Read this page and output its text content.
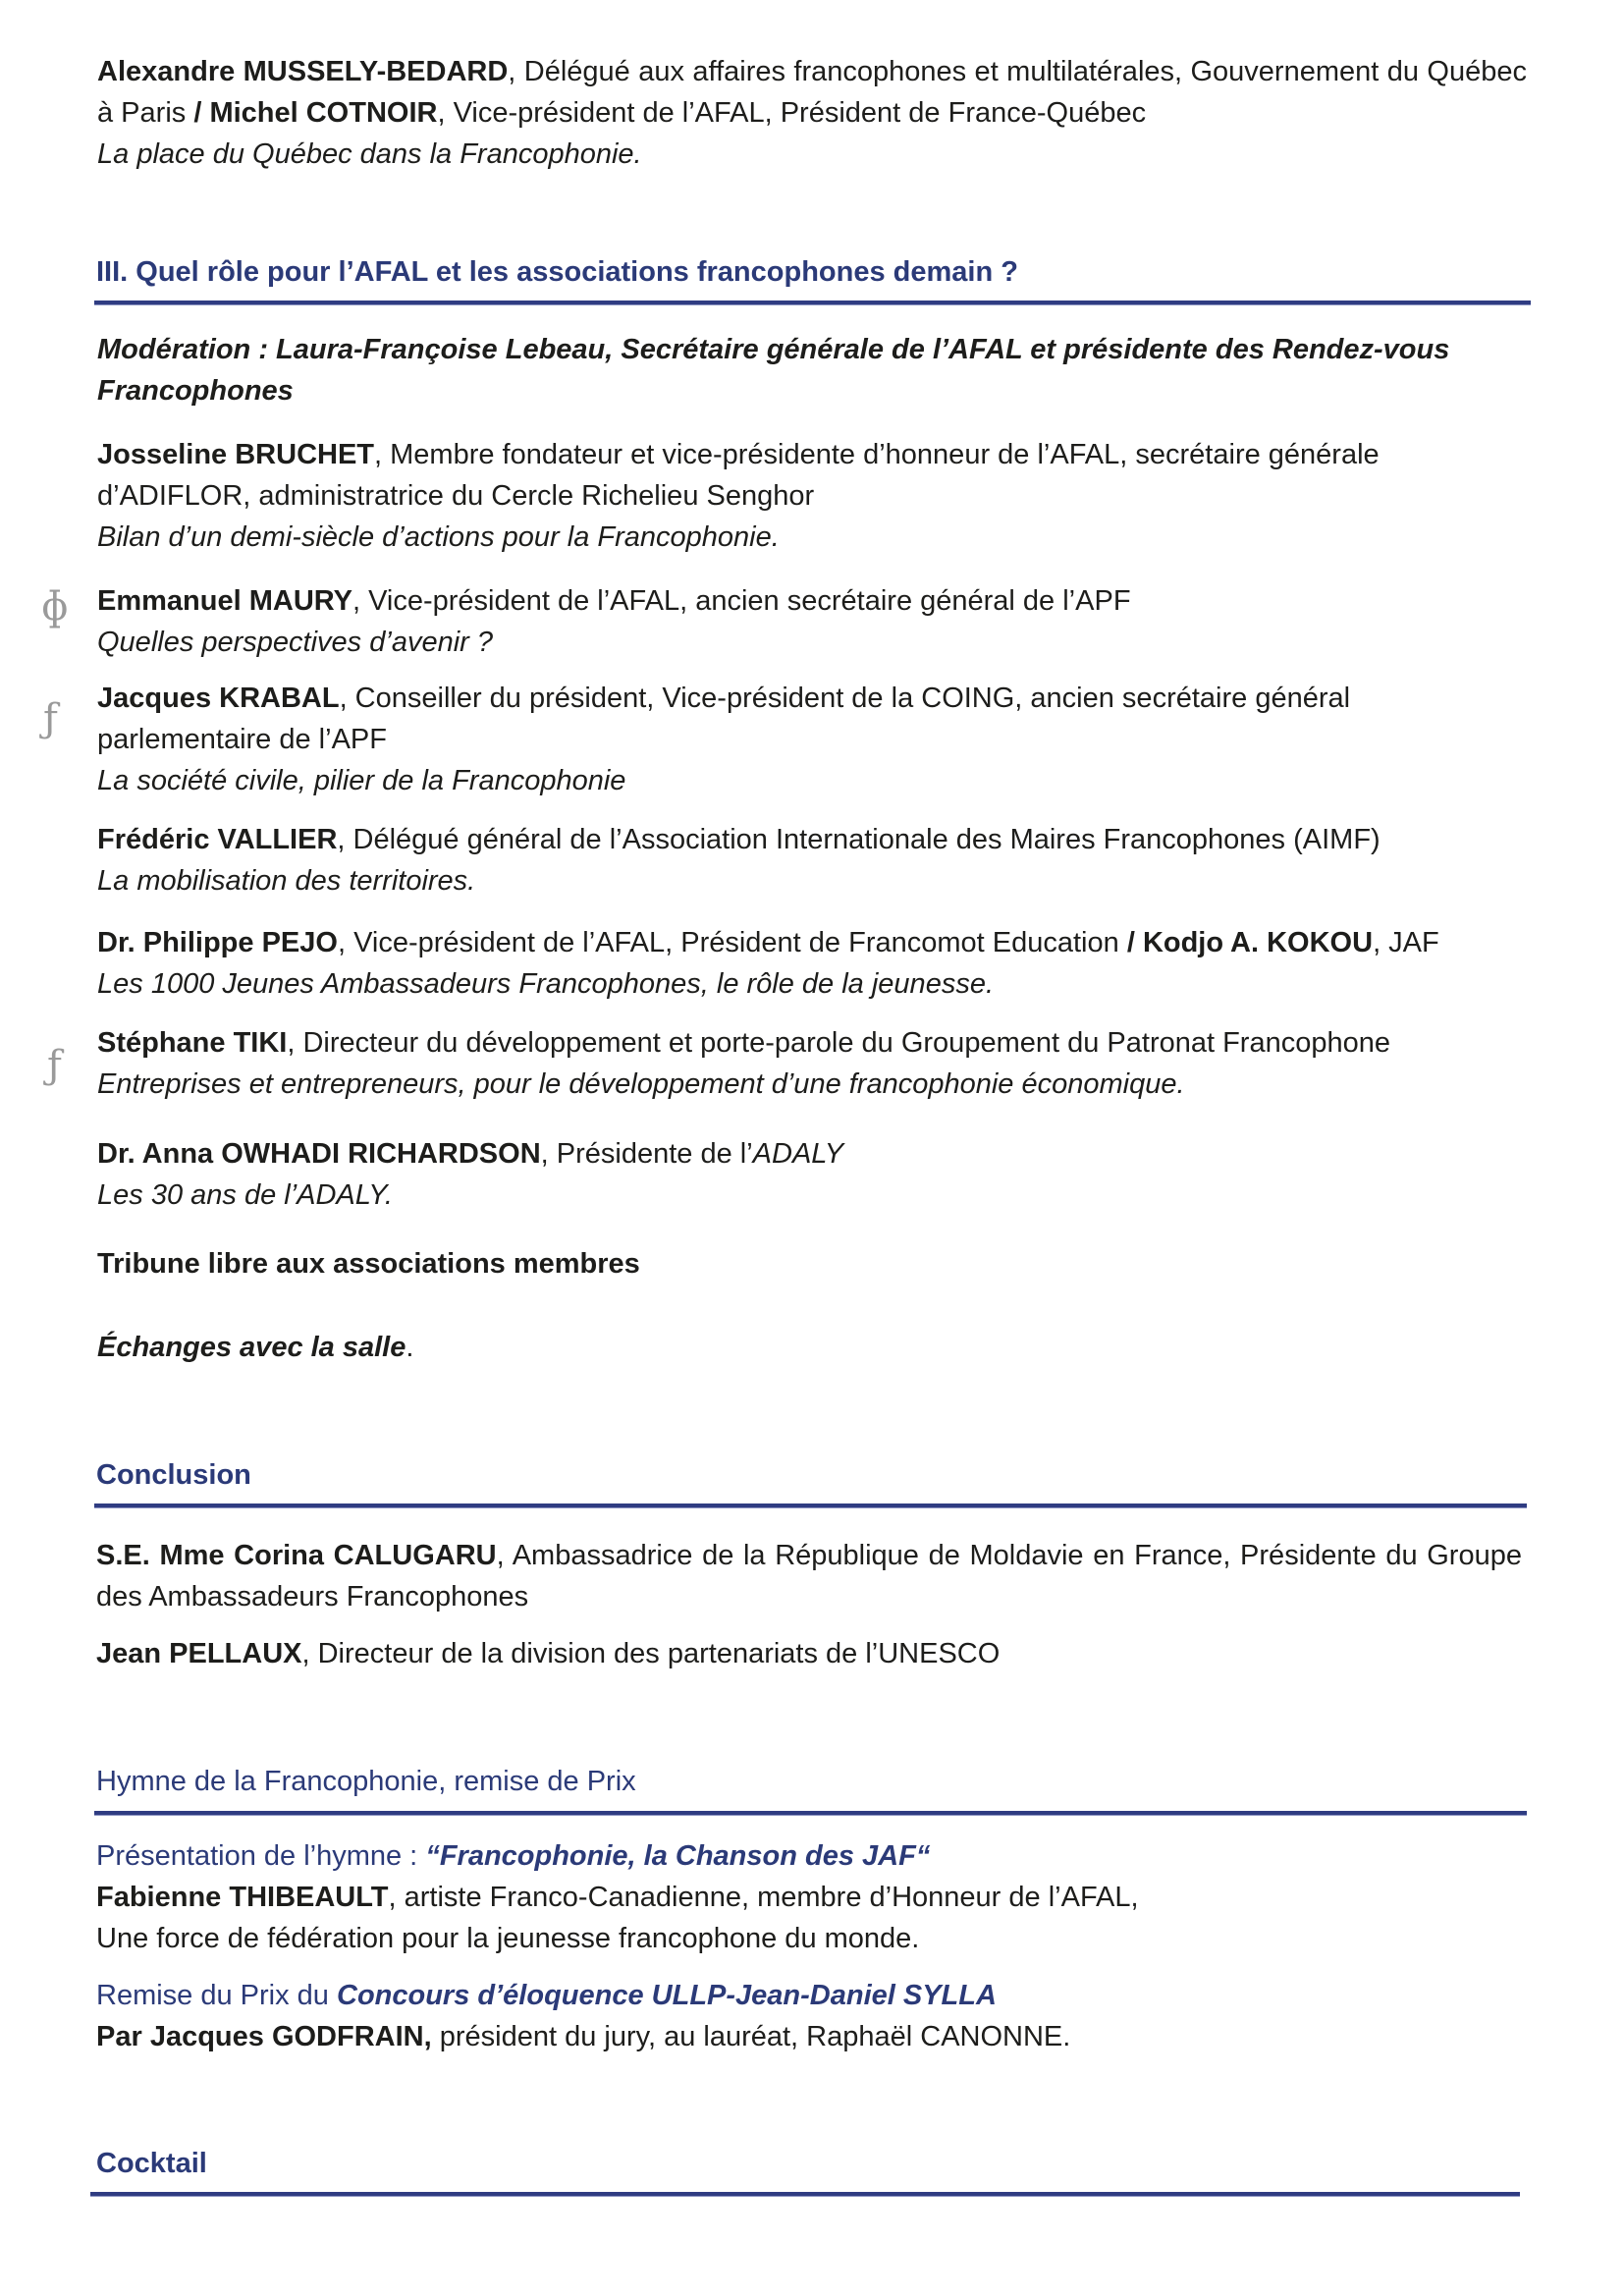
Alexandre MUSSELY-BEDARD, Délégué aux affaires francophones et multilatérales, Gouvernement du Québec à Paris / Michel COTNOIR, Vice-président de l’AFAL, Président de France-Québec

La place du Québec dans la Francophonie.

III. Quel rôle pour l’AFAL et les associations francophones demain ?

Modération : Laura-Françoise Lebeau, Secrétaire générale de l’AFAL et présidente des Rendez-vous Francophones

Josseline BRUCHET, Membre fondateur et vice-présidente d’honneur de l’AFAL, secrétaire générale d’ADIFLOR, administratrice du Cercle Richelieu Senghor
Bilan d’un demi-siècle d’actions pour la Francophonie.

ɸ Emmanuel MAURY, Vice-président de l’AFAL, ancien secrétaire général de l’APF
Quelles perspectives d’avenir ?

ƒ Jacques KRABAL, Conseiller du président, Vice-président de la COING, ancien secrétaire général parlementaire de l’APF
La société civile, pilier de la Francophonie

Frédéric VALLIER, Délégué général de l’Association Internationale des Maires Francophones (AIMF)
La mobilisation des territoires.

Dr. Philippe PEJO, Vice-président de l’AFAL, Président de Francomot Education / Kodjo A. KOKOU, JAF
Les 1000 Jeunes Ambassadeurs Francophones, le rôle de la jeunesse.

ƒ Stéphane TIKI, Directeur du développement et porte-parole du Groupement du Patronat Francophone
Entreprises et entrepreneurs, pour le développement d’une francophonie économique.

Dr. Anna OWHADI RICHARDSON, Présidente de l’ADALY
Les 30 ans de l’ADALY.

Tribune libre aux associations membres

Échanges avec la salle.

Conclusion

S.E. Mme Corina CALUGARU, Ambassadrice de la République de Moldavie en France, Présidente du Groupe des Ambassadeurs Francophones

Jean PELLAUX, Directeur de la division des partenariats de l’UNESCO

Hymne de la Francophonie, remise de Prix

Présentation de l’hymne : “Francophonie, la Chanson des JAF“
Fabienne THIBEAULT, artiste Franco-Canadienne, membre d’Honneur de l’AFAL,
Une force de fédération pour la jeunesse francophone du monde.

Remise du Prix du Concours d’éloquence ULLP-Jean-Daniel SYLLA
Par Jacques GODFRAIN, président du jury, au lauréat, Raphaël CANONNE.

Cocktail
